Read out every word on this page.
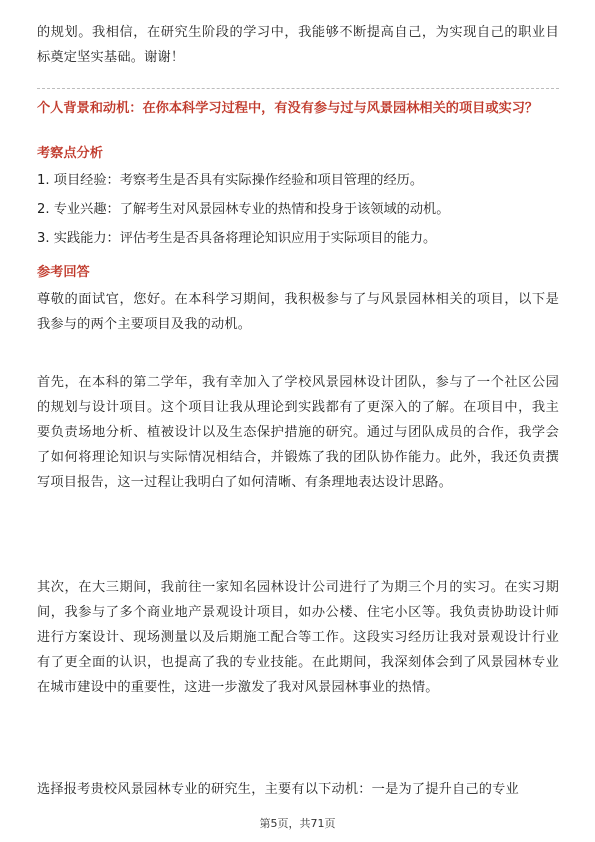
的规划。我相信，在研究生阶段的学习中，我能够不断提高自己，为实现自己的职业目标奠定坚实基础。谢谢！

个人背景和动机：在你本科学习过程中，有没有参与过与风景园林相关的项目或实习？

考察点分析

1. 项目经验：考察考生是否具有实际操作经验和项目管理的经历。

2. 专业兴趣：了解考生对风景园林专业的热情和投身于该领域的动机。

3. 实践能力：评估考生是否具备将理论知识应用于实际项目的能力。

参考回答

尊敬的面试官，您好。在本科学习期间，我积极参与了与风景园林相关的项目，以下是我参与的两个主要项目及我的动机。

首先，在本科的第二学年，我有幸加入了学校风景园林设计团队，参与了一个社区公园的规划与设计项目。这个项目让我从理论到实践都有了更深入的了解。在项目中，我主要负责场地分析、植被设计以及生态保护措施的研究。通过与团队成员的合作，我学会了如何将理论知识与实际情况相结合，并锻炼了我的团队协作能力。此外，我还负责撰写项目报告，这一过程让我明白了如何清晰、有条理地表达设计思路。

其次，在大三期间，我前往一家知名园林设计公司进行了为期三个月的实习。在实习期间，我参与了多个商业地产景观设计项目，如办公楼、住宅小区等。我负责协助设计师进行方案设计、现场测量以及后期施工配合等工作。这段实习经历让我对景观设计行业有了更全面的认识，也提高了我的专业技能。在此期间，我深刻体会到了风景园林专业在城市建设中的重要性，这进一步激发了我对风景园林事业的热情。

选择报考贵校风景园林专业的研究生，主要有以下动机：一是为了提升自己的专业

第5页，共71页
